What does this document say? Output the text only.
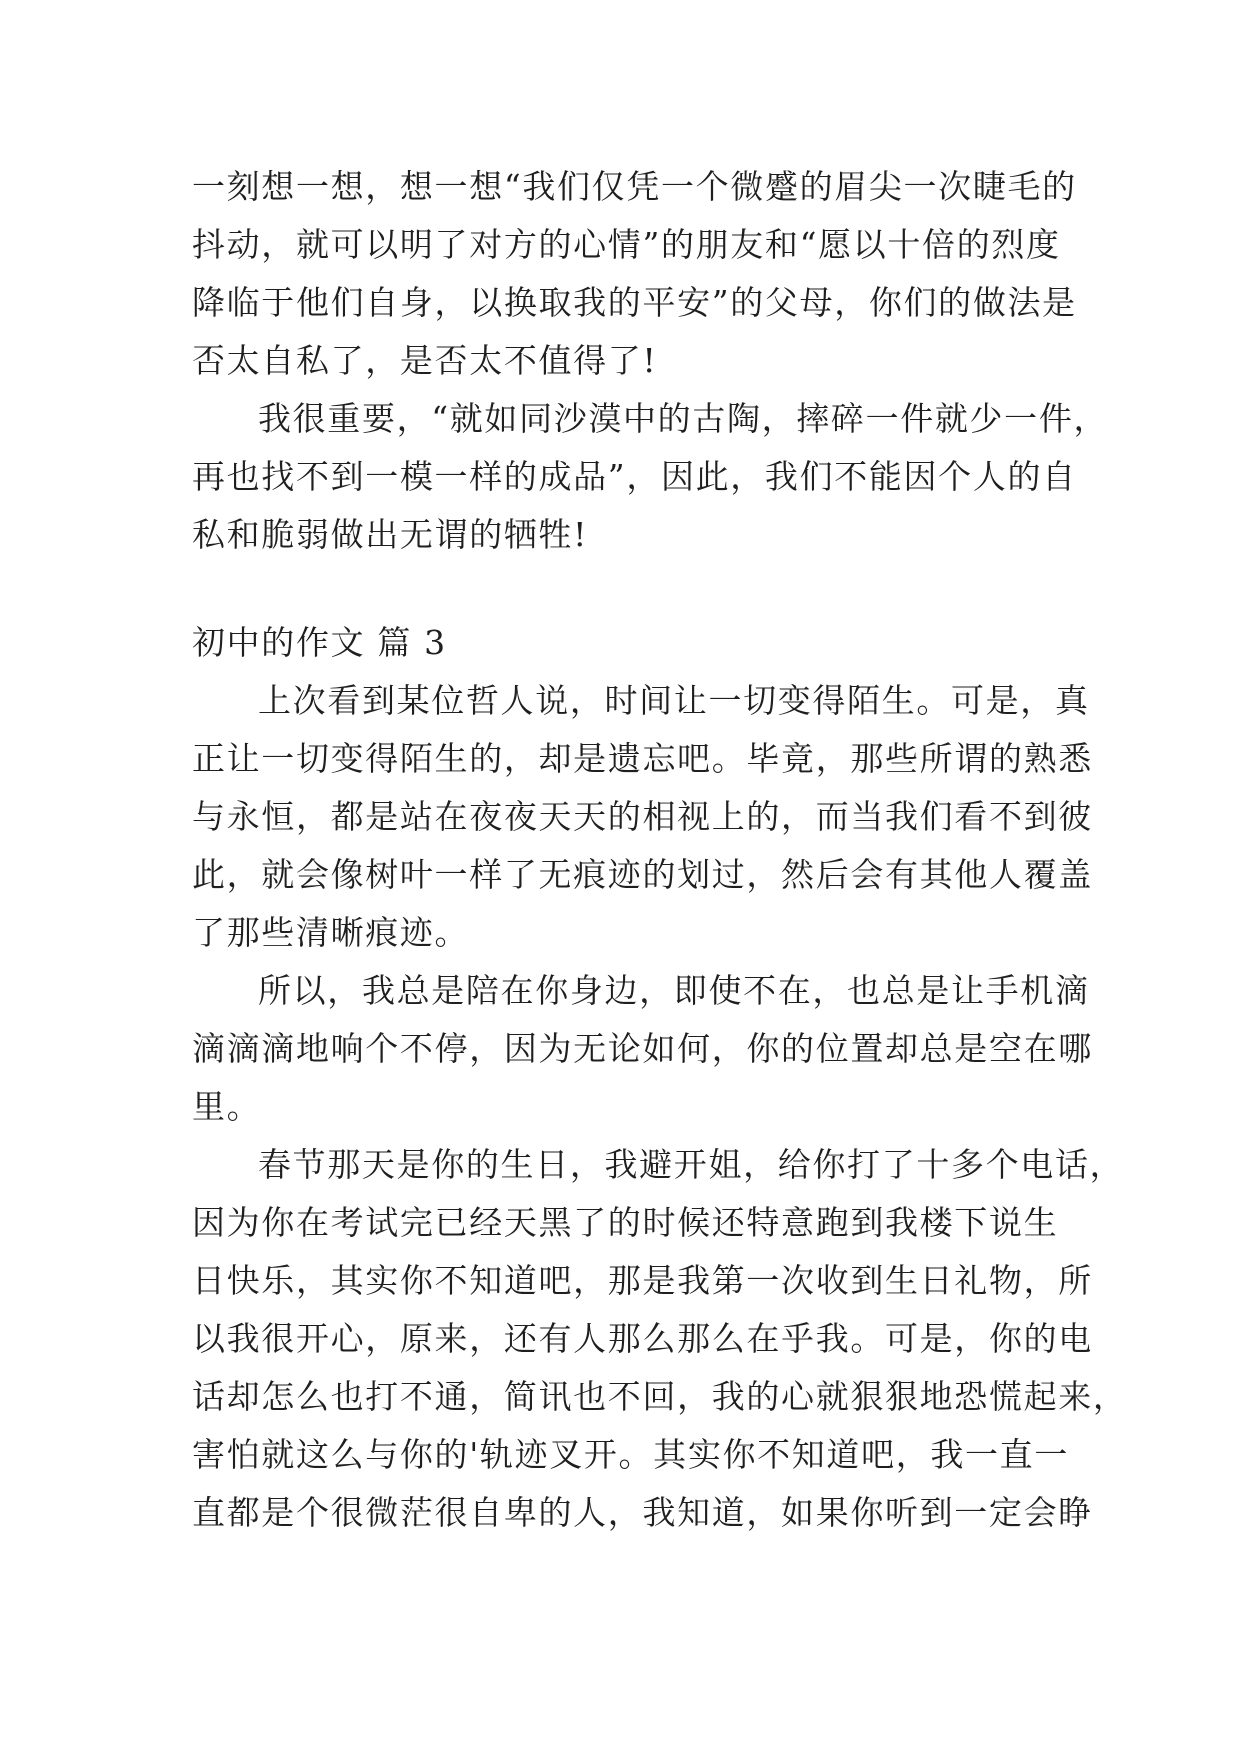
一刻想一想，想一想“我们仅凭一个微蹙的眉尖一次睫毛的
抖动，就可以明了对方的心情”的朋友和“愿以十倍的烈度
降临于他们自身，以换取我的平安”的父母，你们的做法是
否太自私了，是否太不值得了!
我很重要，“就如同沙漠中的古陶，摔碎一件就少一件，
再也找不到一模一样的成品”，因此，我们不能因个人的自
私和脆弱做出无谓的牺牲!
初中的作文 篇 3
上次看到某位哲人说，时间让一切变得陌生。可是，真
正让一切变得陌生的，却是遗忘吧。毕竟，那些所谓的熟悉
与永恒，都是站在夜夜天天的相视上的，而当我们看不到彼
此，就会像树叶一样了无痕迹的划过，然后会有其他人覆盖
了那些清晰痕迹。
所以，我总是陪在你身边，即使不在，也总是让手机滴
滴滴滴地响个不停，因为无论如何，你的位置却总是空在哪
里。
春节那天是你的生日，我避开姐，给你打了十多个电话，
因为你在考试完已经天黑了的时候还特意跑到我楼下说生
日快乐，其实你不知道吧，那是我第一次收到生日礼物，所
以我很开心，原来，还有人那么那么在乎我。可是，你的电
话却怎么也打不通，简讯也不回，我的心就狠狠地恐慌起来，
害怕就这么与你的'轨迹叉开。其实你不知道吧，我一直一
直都是个很微茫很自卑的人，我知道，如果你听到一定会睁
